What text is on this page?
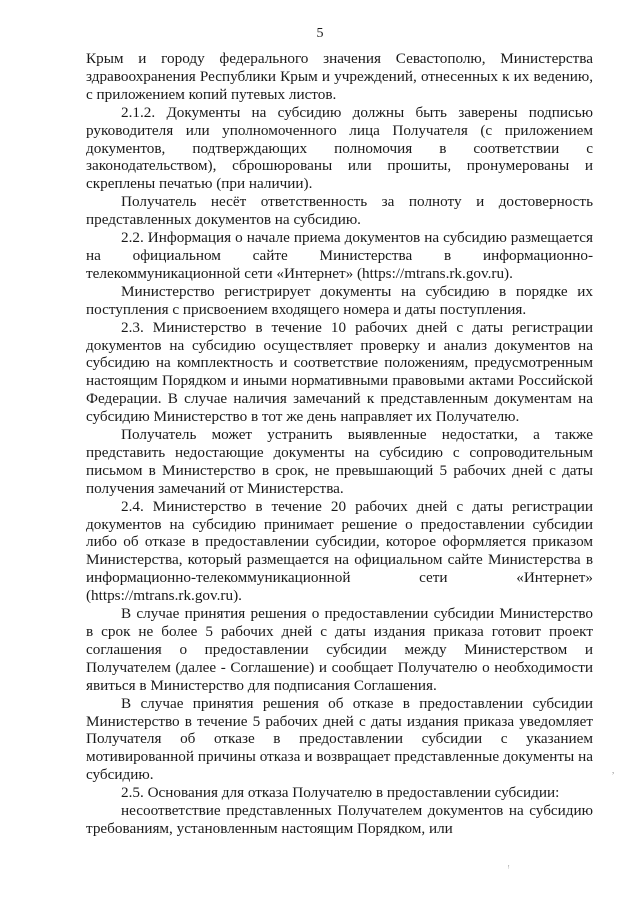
5

Крым и городу федерального значения Севастополю, Министерства здравоохранения Республики Крым и учреждений, отнесенных к их ведению, с приложением копий путевых листов.

2.1.2. Документы на субсидию должны быть заверены подписью руководителя или уполномоченного лица Получателя (с приложением документов, подтверждающих полномочия в соответствии с законодательством), сброшюрованы или прошиты, пронумерованы и скреплены печатью (при наличии).

Получатель несёт ответственность за полноту и достоверность представленных документов на субсидию.

2.2. Информация о начале приема документов на субсидию размещается на официальном сайте Министерства в информационно-телекоммуникационной сети «Интернет» (https://mtrans.rk.gov.ru).

Министерство регистрирует документы на субсидию в порядке их поступления с присвоением входящего номера и даты поступления.

2.3. Министерство в течение 10 рабочих дней с даты регистрации документов на субсидию осуществляет проверку и анализ документов на субсидию на комплектность и соответствие положениям, предусмотренным настоящим Порядком и иными нормативными правовыми актами Российской Федерации. В случае наличия замечаний к представленным документам на субсидию Министерство в тот же день направляет их Получателю.

Получатель может устранить выявленные недостатки, а также представить недостающие документы на субсидию с сопроводительным письмом в Министерство в срок, не превышающий 5 рабочих дней с даты получения замечаний от Министерства.

2.4. Министерство в течение 20 рабочих дней с даты регистрации документов на субсидию принимает решение о предоставлении субсидии либо об отказе в предоставлении субсидии, которое оформляется приказом Министерства, который размещается на официальном сайте Министерства в информационно-телекоммуникационной сети «Интернет» (https://mtrans.rk.gov.ru).

В случае принятия решения о предоставлении субсидии Министерство в срок не более 5 рабочих дней с даты издания приказа готовит проект соглашения о предоставлении субсидии между Министерством и Получателем (далее - Соглашение) и сообщает Получателю о необходимости явиться в Министерство для подписания Соглашения.

В случае принятия решения об отказе в предоставлении субсидии Министерство в течение 5 рабочих дней с даты издания приказа уведомляет Получателя об отказе в предоставлении субсидии с указанием мотивированной причины отказа и возвращает представленные документы на субсидию.

2.5. Основания для отказа Получателю в предоставлении субсидии:

несоответствие представленных Получателем документов на субсидию требованиям, установленным настоящим Порядком, или

,
ᵎ
